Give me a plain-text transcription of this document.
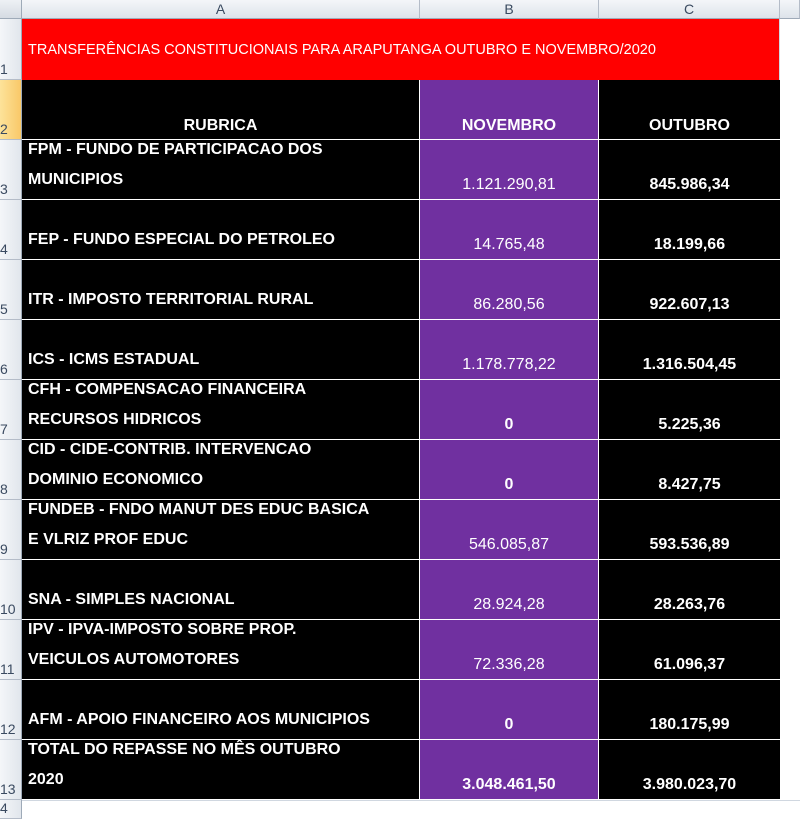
A	B	C
1
2
3
4
5
6
7
8
9
10
11
12
13
4
TRANSFERÊNCIAS CONSTITUCIONAIS PARA ARAPUTANGA OUTUBRO E NOVEMBRO/2020
RUBRICA	NOVEMBRO	OUTUBRO
FPM - FUNDO DE PARTICIPACAO DOS
MUNICIPIOS	1.121.290,81	845.986,34
FEP - FUNDO ESPECIAL DO PETROLEO	14.765,48	18.199,66
ITR - IMPOSTO TERRITORIAL RURAL	86.280,56	922.607,13
ICS - ICMS ESTADUAL	1.178.778,22	1.316.504,45
CFH - COMPENSACAO FINANCEIRA
RECURSOS HIDRICOS	0	5.225,36
CID - CIDE-CONTRIB. INTERVENCAO
DOMINIO ECONOMICO	0	8.427,75
FUNDEB - FNDO MANUT DES EDUC BASICA
E VLRIZ PROF EDUC	546.085,87	593.536,89
SNA - SIMPLES NACIONAL	28.924,28	28.263,76
IPV - IPVA-IMPOSTO SOBRE PROP.
VEICULOS AUTOMOTORES	72.336,28	61.096,37
AFM - APOIO FINANCEIRO AOS MUNICIPIOS	0	180.175,99
TOTAL DO REPASSE NO MÊS OUTUBRO
2020	3.048.461,50	3.980.023,70
